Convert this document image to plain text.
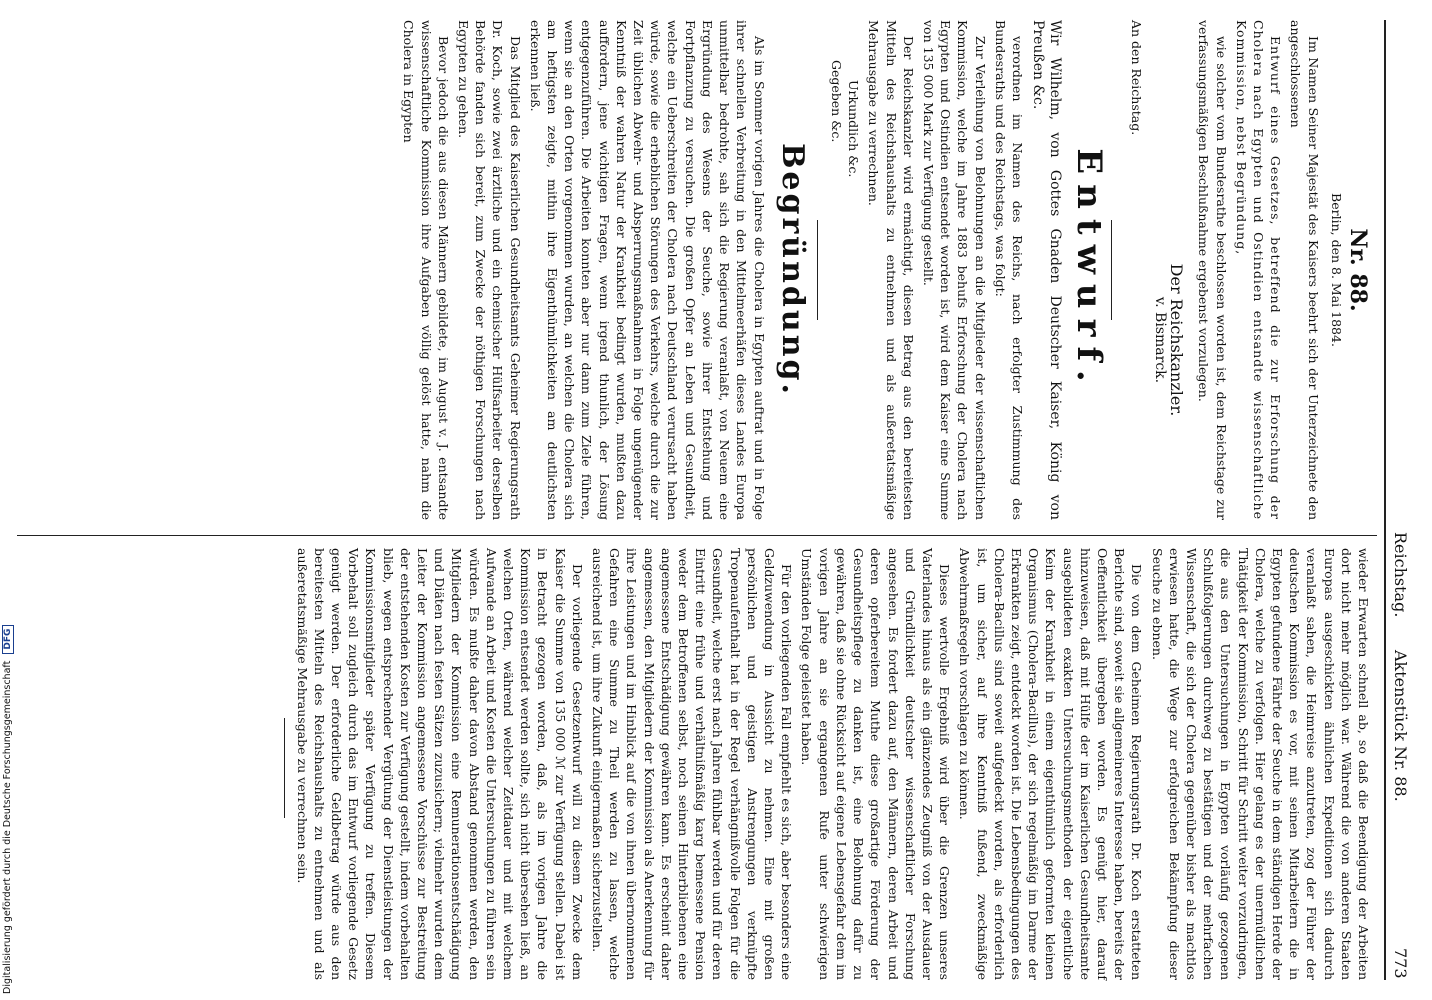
Reichstag.
Aktenstück Nr. 88.
773
Nr. 88.
Berlin, den 8. Mai 1884.

Im Namen Seiner Majestät des Kaisers beehrt sich der Unterzeichnete den angeschlossenen

Entwurf eines Gesetzes, betreffend die zur Erforschung der Cholera nach Egypten und Ostindien entsandte wissenschaftliche Kommission, nebst Begründung,

wie solcher vom Bundesrathe beschlossen worden ist, dem Reichstage zur verfassungsmäßigen Beschlußnahme ergebenst vorzulegen.

Der Reichskanzler.
v. Bismarck.
An den Reichstag.
Entwurf.

Wir Wilhelm, von Gottes Gnaden Deutscher Kaiser, König von Preußen &c.

verordnen im Namen des Reichs, nach erfolgter Zustimmung des Bundesraths und des Reichstags, was folgt:

Zur Verleihung von Belohnungen an die Mitglieder der wissenschaftlichen Kommission, welche im Jahre 1883 behufs Erforschung der Cholera nach Egypten und Ostindien entsendet worden ist, wird dem Kaiser eine Summe von 135 000 Mark zur Verfügung gestellt.

Der Reichskanzler wird ermächtigt, diesen Betrag aus den bereitesten Mitteln des Reichshaushalts zu entnehmen und als außeretatsmäßige Mehrausgabe zu verrechnen.

Urkundlich &c.
Gegeben &c.
Begründung.

Als im Sommer vorigen Jahres die Cholera in Egypten auftrat und in Folge ihrer schnellen Verbreitung in den Mittelmeerhäfen dieses Landes Europa unmittelbar bedrohte, sah sich die Regierung veranlaßt, von Neuem eine Ergründung des Wesens der Seuche, sowie ihrer Entstehung und Fortpflanzung zu versuchen. Die großen Opfer an Leben und Gesundheit, welche ein Ueberschreiten der Cholera nach Deutschland verursacht haben würde, sowie die erheblichen Störungen des Verkehrs, welche durch die zur Zeit üblichen Abwehr- und Absperrungsmaßnahmen in Folge ungenügender Kenntniß der wahren Natur der Krankheit bedingt wurden, mußten dazu auffordern, jene wichtigen Fragen, wenn irgend thunlich, der Lösung entgegenzuführen. Die Arbeiten konnten aber nur dann zum Ziele führen, wenn sie an den Orten vorgenommen wurden, an welchen die Cholera sich am heftigsten zeigte, mithin ihre Eigenthümlichkeiten am deutlichsten erkennen ließ.

Das Mitglied des Kaiserlichen Gesundheitsamts Geheimer Regierungsrath Dr. Koch, sowie zwei ärztliche und ein chemischer Hülfsarbeiter derselben Behörde fanden sich bereit, zum Zwecke der nöthigen Forschungen nach Egypten zu gehen.

Bevor jedoch die aus diesen Männern gebildete, im August v. J. entsandte wissenschaftliche Kommission ihre Aufgaben völlig gelöst hatte, nahm die Cholera in Egypten

wieder Erwarten schnell ab, so daß die Beendigung der Arbeiten dort nicht mehr möglich war. Während die von anderen Staaten Europas ausgeschickten ähnlichen Expeditionen sich dadurch veranlaßt sahen, die Heimreise anzutreten, zog der Führer der deutschen Kommission es vor, mit seinen Mitarbeitern die in Egypten gefundene Fährte der Seuche in dem ständigen Herde der Cholera, welche zu verfolgen. Hier gelang es der unermüdlichen Thätigkeit der Kommission, Schritt für Schritt weiter vorzudringen, die aus den Untersuchungen in Egypten vorläufig gezogenen Schlußfolgerungen durchweg zu bestätigen und der mehrfachen Wissenschaft, die sich der Cholera gegenüber bisher als machtlos erwiesen hatte, die Wege zur erfolgreichen Bekämpfung dieser Seuche zu ebnen.

Die von dem Geheimen Regierungsrath Dr. Koch erstatteten Berichte sind, soweit sie allgemeineres Interesse haben, bereits der Oeffentlichkeit übergeben worden. Es genügt hier, darauf hinzuweisen, daß mit Hülfe der im Kaiserlichen Gesundheitsamte ausgebildeten exakten Untersuchungsmethoden der eigentliche Keim der Krankheit in einem eigenthümlich geformten kleinen Organismus (Cholera-Bacillus), der sich regelmäßig im Darme der Erkrankten zeigt, entdeckt worden ist. Die Lebensbedingungen des Cholera-Bacillus sind soweit aufgedeckt worden, als erforderlich ist, um sicher, auf ihre Kenntniß fußend, zweckmäßige Abwehrmaßregeln vorschlagen zu können.

Dieses wertvolle Ergebniß wird über die Grenzen unseres Vaterlandes hinaus als ein glänzendes Zeugniß von der Ausdauer und Gründlichkeit deutscher wissenschaftlicher Forschung angesehen. Es fordert dazu auf, den Männern, deren Arbeit und deren opferbereitem Muthe diese großartige Förderung der Gesundheitspflege zu danken ist, eine Belohnung dafür zu gewähren, daß sie ohne Rücksicht auf eigene Lebensgefahr dem im vorigen Jahre an sie ergangenen Rufe unter schwierigen Umständen Folge geleistet haben.

Für den vorliegenden Fall empfiehlt es sich, aber besonders eine Geldzuwendung in Aussicht zu nehmen. Eine mit großen persönlichen und geistigen Anstrengungen verknüpfte Tropenaufenthalt hat in der Regel verhängnißvolle Folgen für die Gesundheit, welche erst nach Jahren fühlbar werden und für deren Eintritt eine frühe und verhältnißmäßig karg bemessene Pension weder dem Betroffenen selbst, noch seinen Hinterbliebenen eine angemessene Entschädigung gewähren kann. Es erscheint daher angemessen, den Mitgliedern der Kommission als Anerkennung für ihre Leistungen und im Hinblick auf die von ihnen übernommenen Gefahren eine Summe zu Theil werden zu lassen, welche ausreichend ist, um ihre Zukunft einigermaßen sicherzustellen.

Der vorliegende Gesetzentwurf will zu diesem Zwecke dem Kaiser die Summe von 135 000 ℳ zur Verfügung stellen. Dabei ist in Betracht gezogen worden, daß, als im vorigen Jahre die Kommission entsendet werden sollte, sich nicht übersehen ließ, an welchen Orten, während welcher Zeitdauer und mit welchem Aufwande an Arbeit und Kosten die Untersuchungen zu führen sein würden. Es mußte daher davon Abstand genommen werden, den Mitgliedern der Kommission eine Remunerationsentschädigung und Diäten nach festen Sätzen zuzusichern; vielmehr wurden dem Leiter der Kommission angemessene Vorschüsse zur Bestreitung der entstehenden Kosten zur Verfügung gestellt, indem vorbehalten blieb, wegen entsprechender Vergütung der Dienstleistungen der Kommissionsmitglieder später Verfügung zu treffen. Diesem Vorbehalt soll zugleich durch das im Entwurf vorliegende Gesetz genügt werden. Der erforderliche Geldbetrag würde aus den bereitesten Mitteln des Reichshaushalts zu entnehmen und als außeretatsmäßige Mehrausgabe zu verrechnen sein.

Digitalisierung gefördert durch die Deutsche Forschungsgemeinschaft DFG
